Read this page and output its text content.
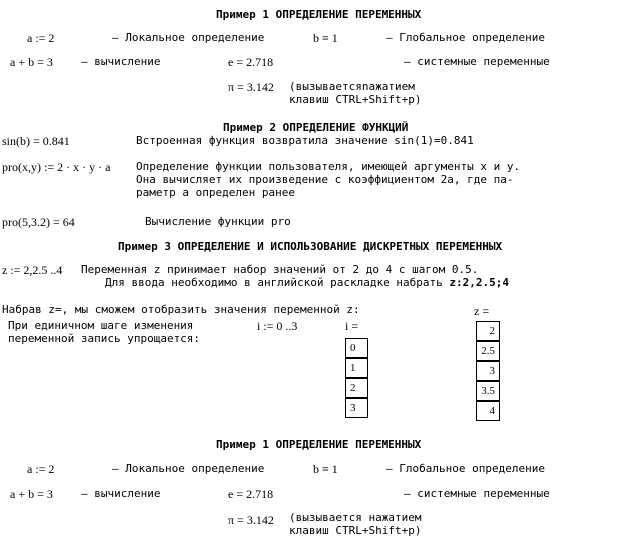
Пример 1 ОПРЕДЕЛЕНИЕ ПЕРЕМЕННЫХ
a := 2	– Локальное определение	b ≡ 1	– Глобальное определение
a + b = 3	– вычисление	e = 2.718	– системные переменные
π = 3.142 (вызываетсяnажатием
клавиш CTRL+Shift+p)
Пример 2 ОПРЕДЕЛЕНИЕ ФУНКЦИЙ
sin(b) = 0.841	Встроенная функция возвратила значение sin(1)=0.841
pro(x,y) := 2 · x · y · a Определение функции пользователя, имеющей аргументы x и y.
Она вычисляет их произведение с коэффициентом 2а, где па-
раметр а определен ранее
pro(5,3.2) = 64	Вычисление функции pro
Пример 3 ОПРЕДЕЛЕНИЕ И ИСПОЛЬЗОВАНИЕ ДИСКРЕТНЫХ ПЕРЕМЕННЫХ
z := 2,2.5 ..4 Переменная z принимает набор значений от 2 до 4 с шагом 0.5.
Для ввода необходимо в английской раскладке набрать z:2,2.5;4
Набрав z=, мы сможем отобразить значения переменной z:	z =
При единичном шаге изменения
переменной запись упрощается:
i := 0 ..3	i =
0
1
2
3
2
2.5
3
3.5
4
Пример 1 ОПРЕДЕЛЕНИЕ ПЕРЕМЕННЫХ
a := 2	– Локальное определение	b ≡ 1	– Глобальное определение
a + b = 3	– вычисление	e = 2.718	– системные переменные
π = 3.142 (вызывается нажатием
клавиш CTRL+Shift+p)
